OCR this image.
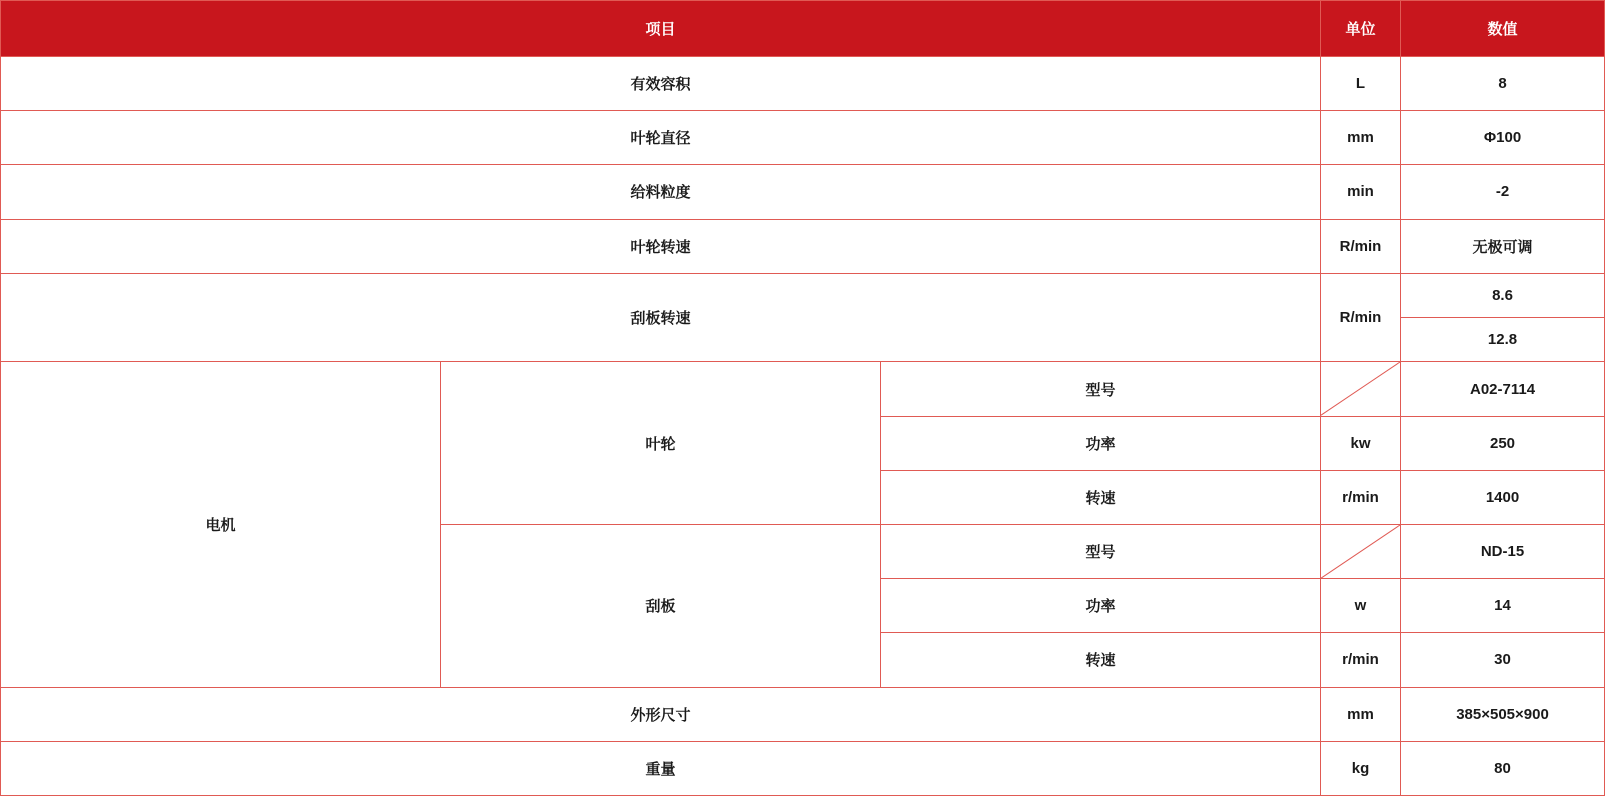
项目			单位	数值
有效容积			L	8
叶轮直径			mm	Φ100
给料粒度			min	-2
叶轮转速			R/min	无极可调
刮板转速			R/min	8.6
				12.8
电机	叶轮	型号		A02-7114
		功率	kw	250
		转速	r/min	1400
	刮板	型号		ND-15
		功率	w	14
		转速	r/min	30
外形尺寸			mm	385×505×900
重量			kg	80
